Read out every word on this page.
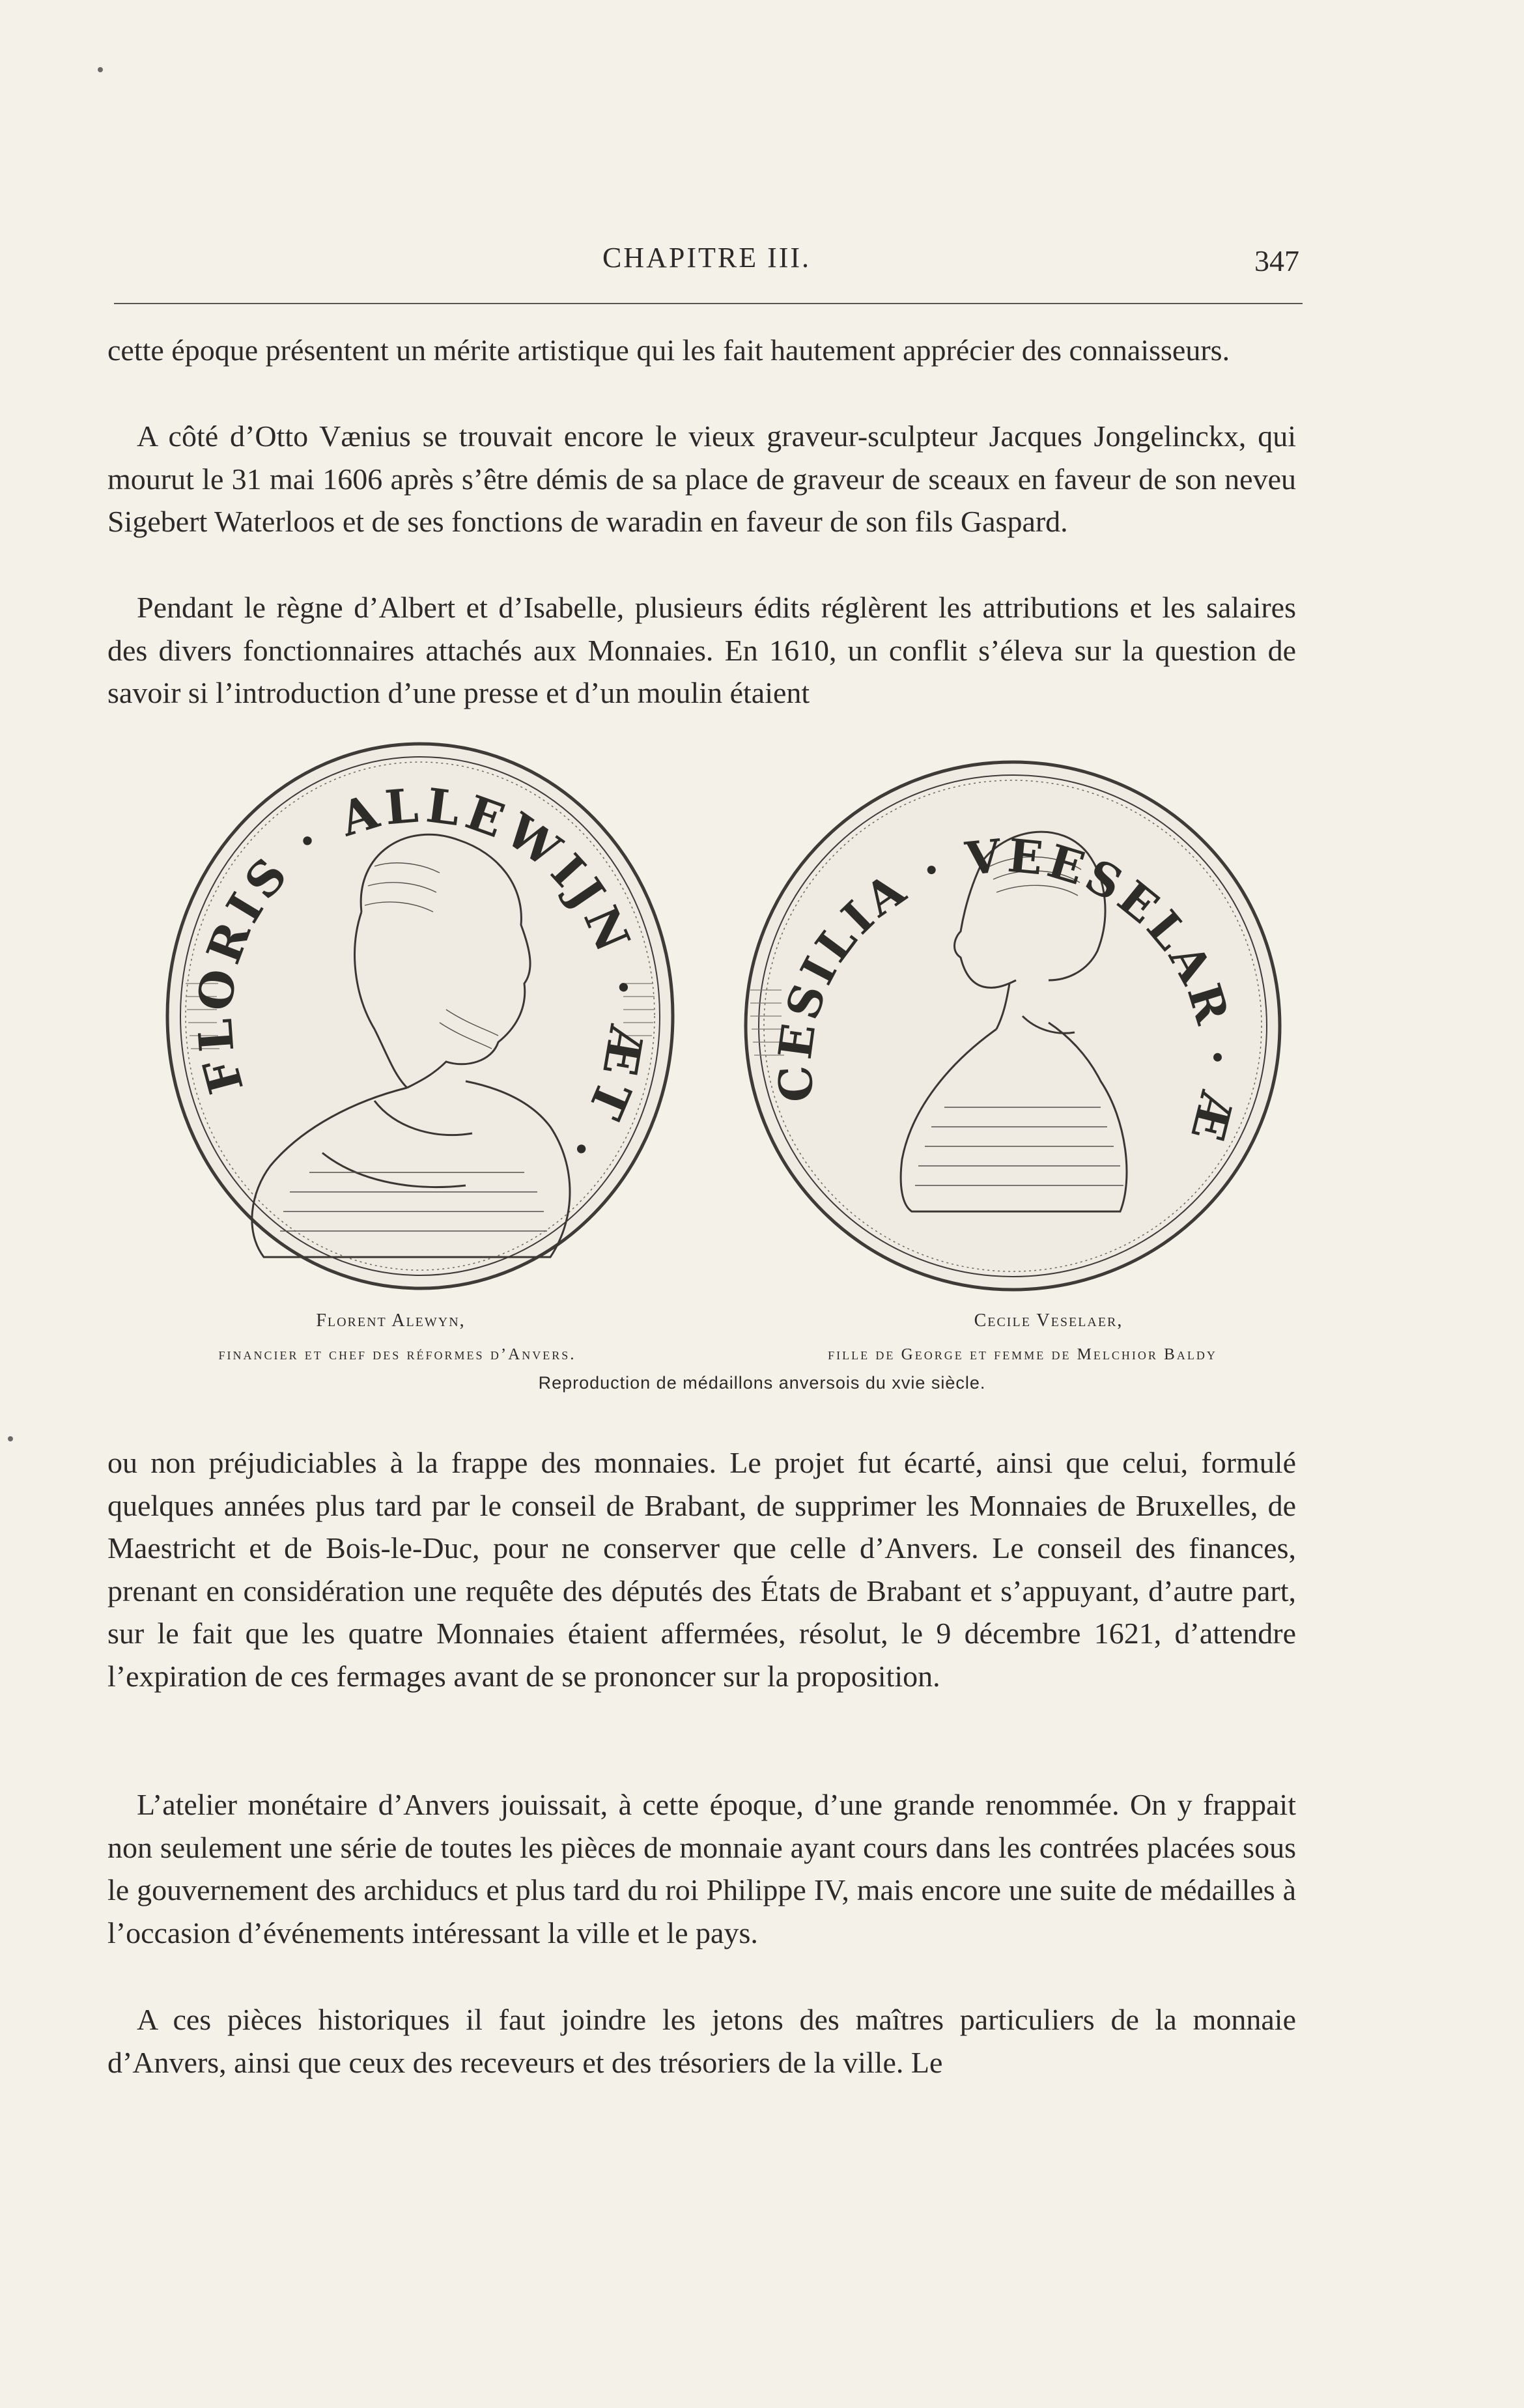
CHAPITRE III.	347

cette époque présentent un mérite artistique qui les fait hautement apprécier des connaisseurs.

A côté d’Otto Vænius se trouvait encore le vieux graveur-sculpteur Jacques Jongelinckx, qui mourut le 31 mai 1606 après s’être démis de sa place de graveur de sceaux en faveur de son neveu Sigebert Waterloos et de ses fonctions de waradin en faveur de son fils Gaspard.

Pendant le règne d’Albert et d’Isabelle, plusieurs édits réglèrent les attributions et les salaires des divers fonctionnaires attachés aux Monnaies. En 1610, un conflit s’éleva sur la question de savoir si l’introduction d’une presse et d’un moulin étaient

FLORIS · ALLEWIJN · ÆT ·
CESILIA · VEESELAR · Æ
Florent Alewyn,
financier et chef des réformes d’Anvers.
Cecile Veselaer,
fille de George et femme de Melchior Baldy
Reproduction de médaillons anversois du xvie siècle.

ou non préjudiciables à la frappe des monnaies. Le projet fut écarté, ainsi que celui, formulé quelques années plus tard par le conseil de Brabant, de supprimer les Monnaies de Bruxelles, de Maestricht et de Bois-le-Duc, pour ne conserver que celle d’Anvers. Le conseil des finances, prenant en considération une requête des députés des États de Brabant et s’appuyant, d’autre part, sur le fait que les quatre Monnaies étaient affermées, résolut, le 9 décembre 1621, d’attendre l’expiration de ces fermages avant de se prononcer sur la proposition.

L’atelier monétaire d’Anvers jouissait, à cette époque, d’une grande renommée. On y frappait non seulement une série de toutes les pièces de monnaie ayant cours dans les contrées placées sous le gouvernement des archiducs et plus tard du roi Philippe IV, mais encore une suite de médailles à l’occasion d’événements intéressant la ville et le pays.

A ces pièces historiques il faut joindre les jetons des maîtres particuliers de la monnaie d’Anvers, ainsi que ceux des receveurs et des trésoriers de la ville. Le
